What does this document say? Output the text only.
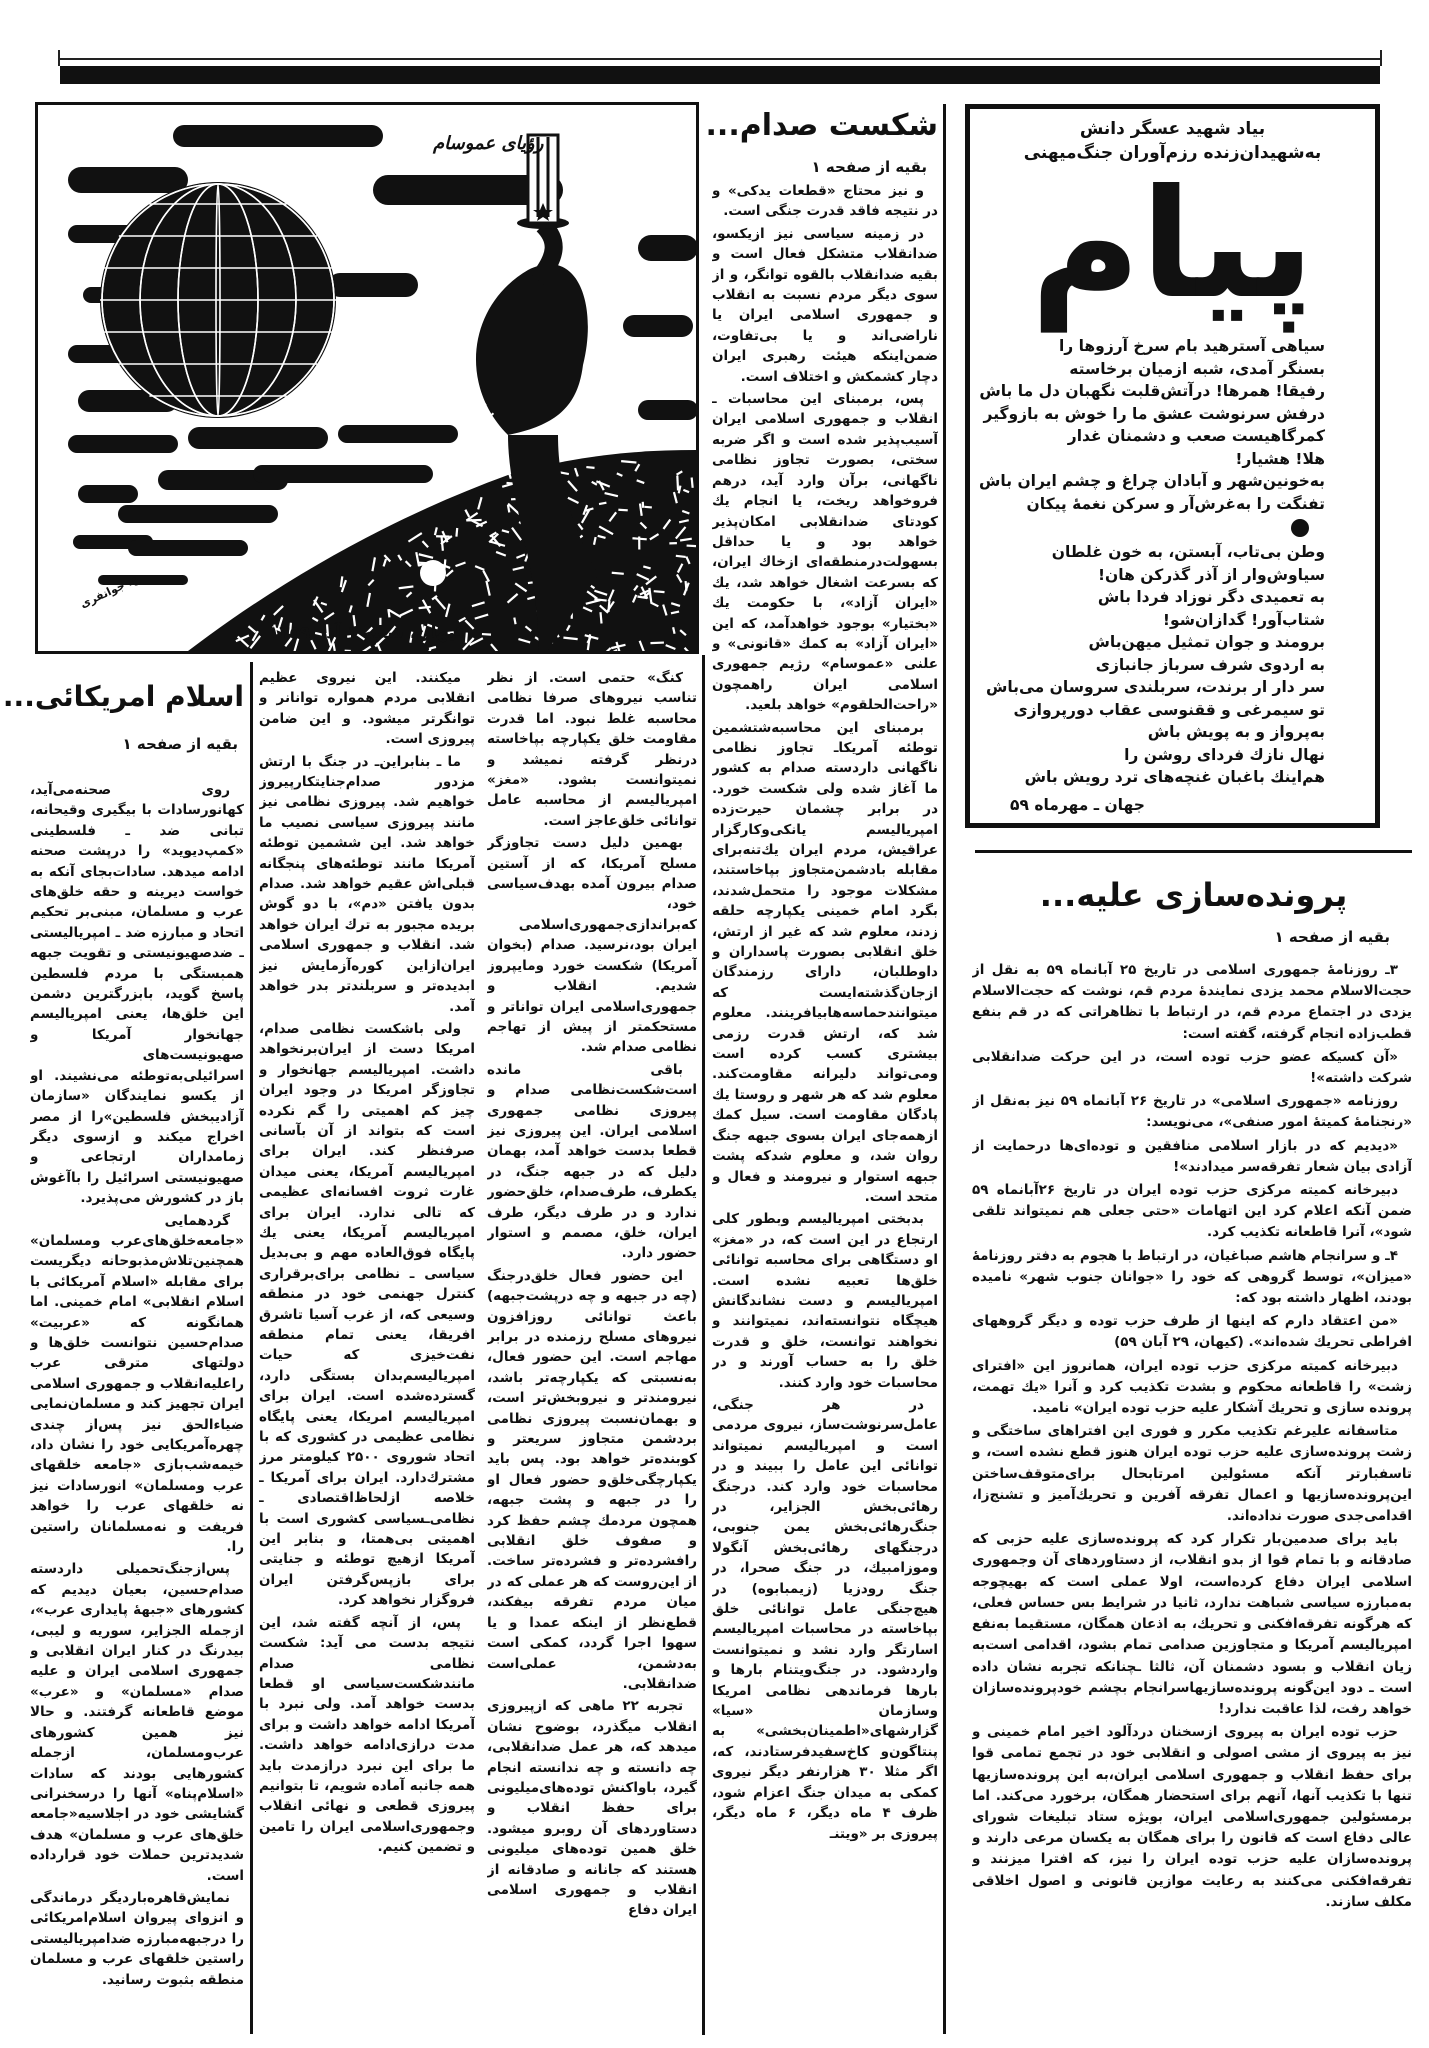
رؤیای عموسام
ع. جوانفری
کیهان، شنبه ۱ آذر ۱۳۵۹
بیاد شهید عسگر دانش
به‌شهیدان‌زنده رزم‌آوران جنگ‌میهنی
پیام
سیاهی آسترهید بام سرخ آرزوها را
بسنگر آمدی، شبه ازمیان برخاسته
رفیقا! همرها! درآتش‌قلبت نگهبان دل ما باش
درفش سرنوشت عشق ما را خوش به بازوگیر
کمرگاهیست صعب و دشمنان غدار
هلا! هشیار!
به‌خونین‌شهر و آبادان چراغ و چشم ایران باش
تفنگت را به‌غرش‌آر و سرکن نغمهٔ پیکان
وطن بی‌تاب، آبستن، به خون غلطان
سیاوش‌وار از آذر گذرکن هان!
به تعمیدی دگر نوزاد فردا باش
شتاب‌آور! گدازان‌شو!
برومند و جوان تمثیل میهن‌باش
به اردوی شرف سرباز جانبازی
سر دار ار برندت، سربلندی سروسان می‌باش
تو سیمرغی و ققنوسی عقاب دورپروازی
به‌پرواز و به پویش باش
نهال نازك فردای روشن را
هم‌اینك باغبان غنچه‌های ترد رویش باش
جهان ـ مهرماه ۵۹
شکست صدام...
بقیه از صفحه ۱

و نیز محتاج «قطعات یدکی» و در نتیجه فاقد قدرت جنگی است.

در زمینه سیاسی نیز ازیکسو، ضدانقلاب متشکل فعال است و بقیه ضدانقلاب بالقوه توانگر، و از سوی دیگر مردم نسبت به انقلاب و جمهوری اسلامی ایران یا ناراضی‌اند و یا بی‌تفاوت، ضمن‌اینکه هیئت رهبری ایران دچار کشمکش و اختلاف است.

پس، برمبنای این محاسبات ـ انقلاب و جمهوری اسلامی ایران آسیب‌پذیر شده است و اگر ضربه سختی، بصورت تجاوز نظامی ناگهانی، برآن وارد آید، درهم فروخواهد ریخت، یا انجام یك کودتای ضدانقلابی امکان‌پذیر خواهد بود و یا حداقل بسهولت‌درمنطقه‌ای ازخاك ایران، که بسرعت اشغال خواهد شد، یك «ایران آزاد»، با حکومت یك «بختیار» بوجود خواهدآمد، که این «ایران آزاد» به کمك «قانونی» و علنی «عموسام» رژیم جمهوری اسلامی ایران راهمچون «راحت‌الحلقوم» خواهد بلعید.

برمبنای این محاسبه‌شتشمین توطئه آمریکاـ تجاوز نظامی ناگهانی داردسته صدام به کشور ما آغاز شده ولی شکست خورد. در برابر چشمان حیرت‌زده امپریالیسم یانکی‌وکارگزار عراقیش، مردم ایران یك‌تنه‌برای مقابله بادشمن‌متجاوز بپاخاستند، مشکلات موجود را متحمل‌شدند، بگرد امام خمینی یکپارچه حلقه زدند، معلوم شد که غیر از ارتش، خلق انقلابی بصورت پاسداران و داوطلبان، دارای رزمندگان ازجان‌گذشته‌ایست که میتوانندحماسه‌هابیافرینند. معلوم شد که، ارتش قدرت رزمی بیشتری کسب کرده است ومی‌تواند دلیرانه مقاومت‌کند. معلوم شد که هر شهر و روستا یك پادگان مقاومت است. سیل کمك ازهمه‌جای ایران بسوی جبهه جنگ روان شد، و معلوم شدکه پشت جبهه استوار و نیرومند و فعال و متحد است.

بدبختی امپریالیسم وبطور کلی ارتجاع در این است که، در «مغز» او دستگاهی برای محاسبه توانائی خلق‌ها تعبیه نشده است. امپریالیسم و دست نشاندگانش هیچگاه نتوانسته‌اند، نمیتوانند و نخواهند توانست، خلق و قدرت خلق را به حساب آورند و در محاسبات خود وارد کنند.

در هر جنگی، عامل‌سرنوشت‌ساز، نیروی مردمی است و امپریالیسم نمیتواند توانائی این عامل را ببیند و در محاسبات خود وارد کند. درجنگ رهائی‌بخش الجزایر، در جنگ‌رهائی‌بخش یمن جنوبی، درجنگهای رهائی‌بخش آنگولا وموزامبیك، در جنگ صحرا، در جنگ رودزیا (زیمبابوه) در هیچ‌جنگی عامل توانائی خلق بپاخاسته در محاسبات امپریالیسم اسارتگر وارد نشد و نمیتوانست واردشود. در جنگ‌ویتنام بارها و بارها فرماندهی نظامی امریکا وسازمان «سیا» گزارشهای«اطمینان‌بخشی» به پنتاگون‌و کاخ‌سفیدفرستادند، که، اگر مثلا ۳۰ هزارنفر دیگر نیروی کمکی به میدان جنگ اعزام شود، ظرف ۴ ماه دیگر، ۶ ماه دیگر، پیروزی بر «ویتنـ

کنگ» حتمی است. از نظر تناسب نیروهای صرفا نظامی محاسبه غلط نبود. اما قدرت مقاومت خلق یکپارچه بپاخاسته درنظر گرفته نمیشد و نمیتوانست بشود. «مغز» امپریالیسم از محاسبه عامل توانائی خلق‌عاجز است.

بهمین دلیل دست تجاوزگر مسلح آمریکا، که از آستین صدام بیرون آمده بهدف‌سیاسی خود، که‌براندازی‌جمهوری‌اسلامی ایران بود،نرسید. صدام (بخوان آمریکا) شکست خورد ومایپروز شدیم. انقلاب و جمهوری‌اسلامی ایران تواناتر و مستحکمتر از پیش از تهاجم نظامی صدام شد.

باقی مانده است‌شکست‌نظامی صدام و پیروزی نظامی جمهوری اسلامی ایران. این پیروزی نیز قطعا بدست خواهد آمد، بهمان دلیل که در جبهه جنگ، در یکطرف، طرف‌صدام، خلق‌حضور ندارد و در طرف دیگر، طرف ایران، خلق، مصمم و استوار حضور دارد.

این حضور فعال خلق‌درجنگ (چه در جبهه و چه درپشت‌جبهه) باعث توانائی روزافزون نیروهای مسلح رزمنده در برابر مهاجم است. این حضور فعال، به‌نسبتی که یکپارچه‌تر باشد، نیرومندتر و نیروبخش‌تر است، و بهمان‌نسبت پیروزی نظامی بردشمن متجاوز سریعتر و کوبنده‌تر خواهد بود. پس باید یکپارچگی‌خلق‌و حضور فعال او را در جبهه و پشت جبهه، همچون مردمك چشم حفظ کرد و صفوف خلق انقلابی رافشرده‌تر و فشرده‌تر ساخت. از این‌روست که هر عملی که در میان مردم تفرقه بیفکند، قطع‌نظر از اینکه عمدا و یا سهوا اجرا گردد، کمکی است به‌دشمن، عملی‌است ضدانقلابی.

تجربه ۲۲ ماهی که ازپیروزی انقلاب میگذرد، بوضوح نشان میدهد که، هر عمل ضدانقلابی، چه دانسته و چه ندانسته انجام گیرد، باواکنش توده‌های‌میلیونی برای حفظ انقلاب و دستاوردهای آن روبرو میشود. خلق همین توده‌های میلیونی هستند که جانانه و صادقانه از انقلاب و جمهوری اسلامی ایران دفاع

میکنند. این نیروی عظیم انقلابی مردم همواره توانانر و توانگرتر میشود. و این ضامن پیروزی است.

ما ـ بنابراین‌ـ در جنگ با ارتش مزدور صدام‌جنایتکارپیروز خواهیم شد. پیروزی نظامی نیز مانند پیروزی سیاسی نصیب ما خواهد شد. این ششمین توطئه آمریکا مانند توطئه‌های پنجگانه قبلی‌اش عقیم خواهد شد. صدام بدون یافتن «دم»، با دو گوش بریده مجبور به ترك ایران خواهد شد. انقلاب و جمهوری اسلامی ایران‌ازاین کوره‌آزمایش نیز ابدیده‌تر و سربلندتر بدر خواهد آمد.

ولی باشکست نظامی صدام، امریکا دست از ایران‌برنخواهد داشت. امپریالیسم جهانخوار و تجاوزگر امریکا در وجود ایران چیز کم اهمیتی را گم نکرده است که بتواند از آن بآسانی صرفنظر کند. ایران برای امپریالیسم آمریکا، یعنی میدان غارت ثروت افسانه‌ای عظیمی که تالی ندارد. ایران برای امپریالیسم آمریکا، یعنی یك پایگاه فوق‌العاده مهم و بی‌بدیل سیاسی ـ نظامی برای‌برقراری کنترل جهنمی خود در منطقه وسیعی که، از غرب آسیا تاشرق افریقا، یعنی تمام منطقه نفت‌خیزی که حیات امپریالیسم‌بدان بستگی دارد، گسترده‌شده است. ایران برای امپریالیسم امریکا، یعنی پایگاه نظامی عظیمی در کشوری که با اتحاد شوروی ۲۵۰۰ کیلومتر مرز مشترك‌دارد. ایران برای آمریکا ـ خلاصه‌ ازلحاظ‌اقتصادی ـ نظامی‌ـسیاسی کشوری است با اهمیتی بی‌همتا، و بنابر این آمریکا ازهیچ توطئه و جنایتی برای بازپس‌گرفتن ایران فروگزار نخواهد کرد.

پس، از آنچه گفته شد، این نتیجه بدست می آید: شکست نظامی صدام مانندشکست‌سیاسی او قطعا بدست خواهد آمد. ولی نبرد با آمریکا ادامه خواهد داشت و برای مدت درازی‌ادامه خواهد داشت. ما برای این نبرد درازمدت باید همه جانبه آماده شویم، تا بتوانیم پیروزی قطعی و نهائی انقلاب وجمهوری‌اسلامی ایران را تامین و تضمین کنیم.

اسلام امریکائی...
بقیه از صفحه ۱

روی صحنه‌می‌آید، کهانورسادات با بیگیری وقیحانه، تبانی ضد ـ فلسطینی «کمپ‌دیوید» را درپشت صحنه ادامه میدهد. سادات‌بجای آنکه به خواست دیرینه و حقه خلق‌های عرب و مسلمان، مبنی‌بر تحکیم اتحاد و مبارزه ضد ـ امپریالیستی ـ ضدصهیونیستی و تقویت جبهه همبستگی با مردم فلسطین پاسخ گوید، بابزرگترین دشمن این خلق‌ها، یعنی امپریالیسم جهانخوار آمریکا و صهیونیست‌های اسرائیلی‌به‌توطئه می‌نشیند. او از یکسو نمایندگان «سازمان آزادیبخش فلسطین»را از مصر اخراج میکند و ازسوی دیگر زمامداران ارتجاعی و صهیونیستی اسرائیل را باآغوش باز در کشورش می‌پذیرد.

گردهمایی «جامعه‌خلق‌های‌عرب ومسلمان» همچنین‌تلاش‌مذبوحانه دیگریست برای مقابله «اسلام آمریکائی با اسلام انقلابی» امام خمینی. اما همانگونه که «عربیت» صدام‌حسین نتوانست خلق‌ها و دولتهای مترقی عرب راعلیه‌انقلاب و جمهوری اسلامی ایران تجهیز کند و مسلمان‌نمایی ضیاءالحق نیز پس‌از چندی چهره‌آمریکایی خود را نشان داد، خیمه‌شب‌بازی «جامعه خلقهای عرب ومسلمان» انورسادات نیز نه خلقهای عرب را خواهد فریفت و نه‌مسلمانان راستین را.

پس‌ازجنگ‌تحمیلی داردسته صدام‌حسین، بعیان دیدیم که کشورهای «جبههٔ پایداری عرب»، ازجمله الجزایر، سوریه و لیبی، بیدرنگ در کنار ایران انقلابی و جمهوری اسلامی ایران و علیه صدام «مسلمان» و «عرب» موضع قاطعانه گرفتند. و حالا نیز همین کشورهای عرب‌ومسلمان، ازجمله کشورهایی بودند که سادات «اسلام‌پناه» آنها را درسخنرانی گشایشی خود در اجلاسیه‌«جامعه خلق‌های عرب و مسلمان» هدف شدیدترین حملات خود قرارداده است.

نمایش‌قاهره‌باردیگر درماندگی و انزوای پیروان اسلام‌امریکائی را درجبهه‌مبارزه ضدامپریالیستی راستین خلقهای عرب و مسلمان منطقه بثبوت رسانید.

پرونده‌سازی علیه...
بقیه از صفحه ۱

۳ـ روزنامهٔ جمهوری اسلامی در تاریخ ۲۵ آبانماه ۵۹ به نقل از حجت‌الاسلام محمد یزدی نمایندهٔ مردم قم، نوشت که حجت‌الاسلام یزدی در اجتماع مردم قم، در ارتباط با تظاهراتی که در قم بنفع قطب‌زاده انجام گرفته، گفته است:

«آن کسیکه عضو حزب توده است، در این حرکت ضدانقلابی شرکت داشته»!

روزنامه «جمهوری اسلامی» در تاریخ ۲۶ آبانماه ۵۹ نیز به‌نقل از «رنجنامهٔ کمیتهٔ امور صنفی»، می‌نویسد:

«دیدیم که در بازار اسلامی منافقین و توده‌ای‌ها درحمایت از آزادی بیان شعار تفرقه‌سر میدادند»!

دبیرخانه کمیته مرکزی حزب توده ایران در تاریخ ۲۶آبانماه ۵۹ ضمن آنکه اعلام کرد این اتهامات «حتی جعلی هم نمیتواند تلقی شود»، آنرا قاطعانه تکذیب کرد.

۴ـ و سرانجام هاشم صباغیان، در ارتباط با هجوم به دفتر روزنامهٔ «میزان»، توسط گروهی که خود را «جوانان جنوب شهر» نامیده بودند، اظهار داشته بود که:

«من اعتقاد دارم که اینها از طرف حزب توده و دیگر گروههای افراطی تحریك شده‌اند». (کیهان، ۲۹ آبان ۵۹)

دبیرخانه کمیته مرکزی حزب توده ایران، همانروز این «افترای زشت» را قاطعانه محکوم و بشدت تکذیب کرد و آنرا «یك تهمت، پرونده سازی و تحریك آشکار علیه حزب توده ایران» نامید.

متاسفانه علیرغم تکذیب مکرر و فوری این افتراهای ساختگی و زشت پرونده‌سازی علیه حزب توده ایران هنوز قطع نشده است، و تاسفبارتر آنکه مسئولین امرتابحال برای‌متوقف‌ساختن این‌پرونده‌سازیها و اعمال تفرقه آفرین و تحریك‌آمیز و تشنج‌زا، اقدامی‌جدی صورت نداده‌اند.

باید برای صدمین‌بار تکرار کرد که پرونده‌سازی علیه حزبی که صادقانه و با تمام قوا از بدو انقلاب، از دستاوردهای آن وجمهوری اسلامی ایران دفاع کرده‌است، اولا عملی است که بهیچوجه به‌مبارزه سیاسی شباهت ندارد، ثانیا در شرایط بس حساس فعلی، که هرگونه تفرقه‌افکنی و تحریك، به اذعان همگان، مستقیما به‌نفع امپریالیسم آمریکا و متجاوزین صدامی تمام بشود، اقدامی است‌به زیان انقلاب و بسود دشمنان آن، ثالثا ـچنانکه تجربه نشان داده است ـ دود این‌گونه پرونده‌سازیها‌سرانجام بچشم خودپرونده‌سازان خواهد رفت، لذا عاقبت ندارد!

حزب توده ایران به پیروی ازسخنان درد‌آلود اخیر امام خمینی و نیز به پیروی از مشی اصولی و انقلابی خود در تجمع تمامی قوا برای حفظ انقلاب و جمهوری اسلامی ایران،به این پرونده‌سازیها تنها با تکذیب آنها، آنهم برای استحضار همگان، برخورد می‌کند. اما برمسئولین جمهوری‌اسلامی ایران، بویژه ستاد تبلیغات شورای عالی دفاع است که قانون را برای همگان به یکسان مرعی دارند و پرونده‌سازان علیه حزب توده ایران را نیز، که افترا میزنند و تفرقه‌افکنی می‌کنند به رعایت موازین قانونی و اصول اخلاقی مکلف سازند.
